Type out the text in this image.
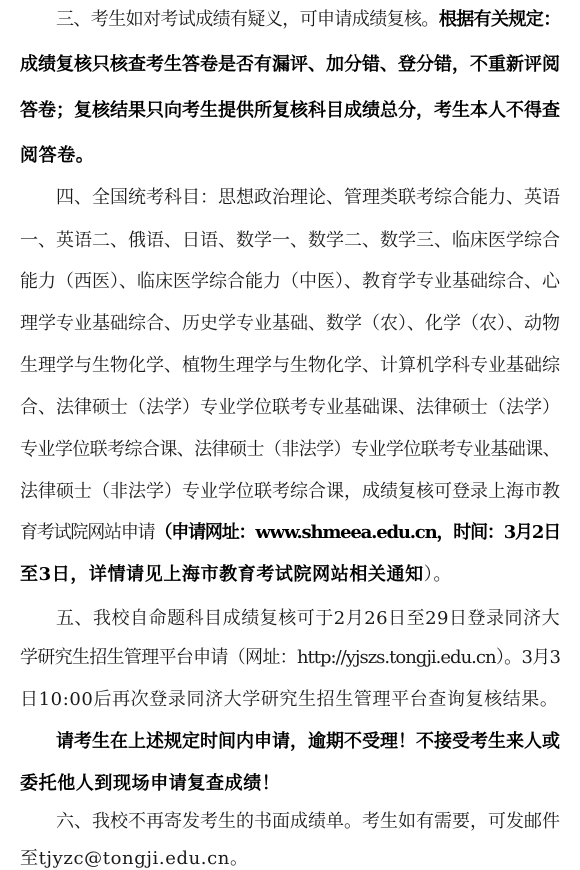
三、考生如对考试成绩有疑义，可申请成绩复核。根据有关规定：
成绩复核只核查考生答卷是否有漏评、加分错、登分错，不重新评阅
答卷；复核结果只向考生提供所复核科目成绩总分，考生本人不得查
阅答卷。
四、全国统考科目：思想政治理论、管理类联考综合能力、英语
一、英语二、俄语、日语、数学一、数学二、数学三、临床医学综合
能力（西医）、临床医学综合能力（中医）、教育学专业基础综合、心
理学专业基础综合、历史学专业基础、数学（农）、化学（农）、动物
生理学与生物化学、植物生理学与生物化学、计算机学科专业基础综
合、法律硕士（法学）专业学位联考专业基础课、法律硕士（法学）
专业学位联考综合课、法律硕士（非法学）专业学位联考专业基础课、
法律硕士（非法学）专业学位联考综合课，成绩复核可登录上海市教
育考试院网站申请（申请网址：www.shmeea.edu.cn，时间：3月2日
至3日，详情请见上海市教育考试院网站相关通知）。
五、我校自命题科目成绩复核可于2月26日至29日登录同济大
学研究生招生管理平台申请（网址：http://yjszs.tongji.edu.cn）。3月3
日10:00后再次登录同济大学研究生招生管理平台查询复核结果。
请考生在上述规定时间内申请，逾期不受理！不接受考生来人或
委托他人到现场申请复查成绩！
六、我校不再寄发考生的书面成绩单。考生如有需要，可发邮件
至tjyzc@tongji.edu.cn。
